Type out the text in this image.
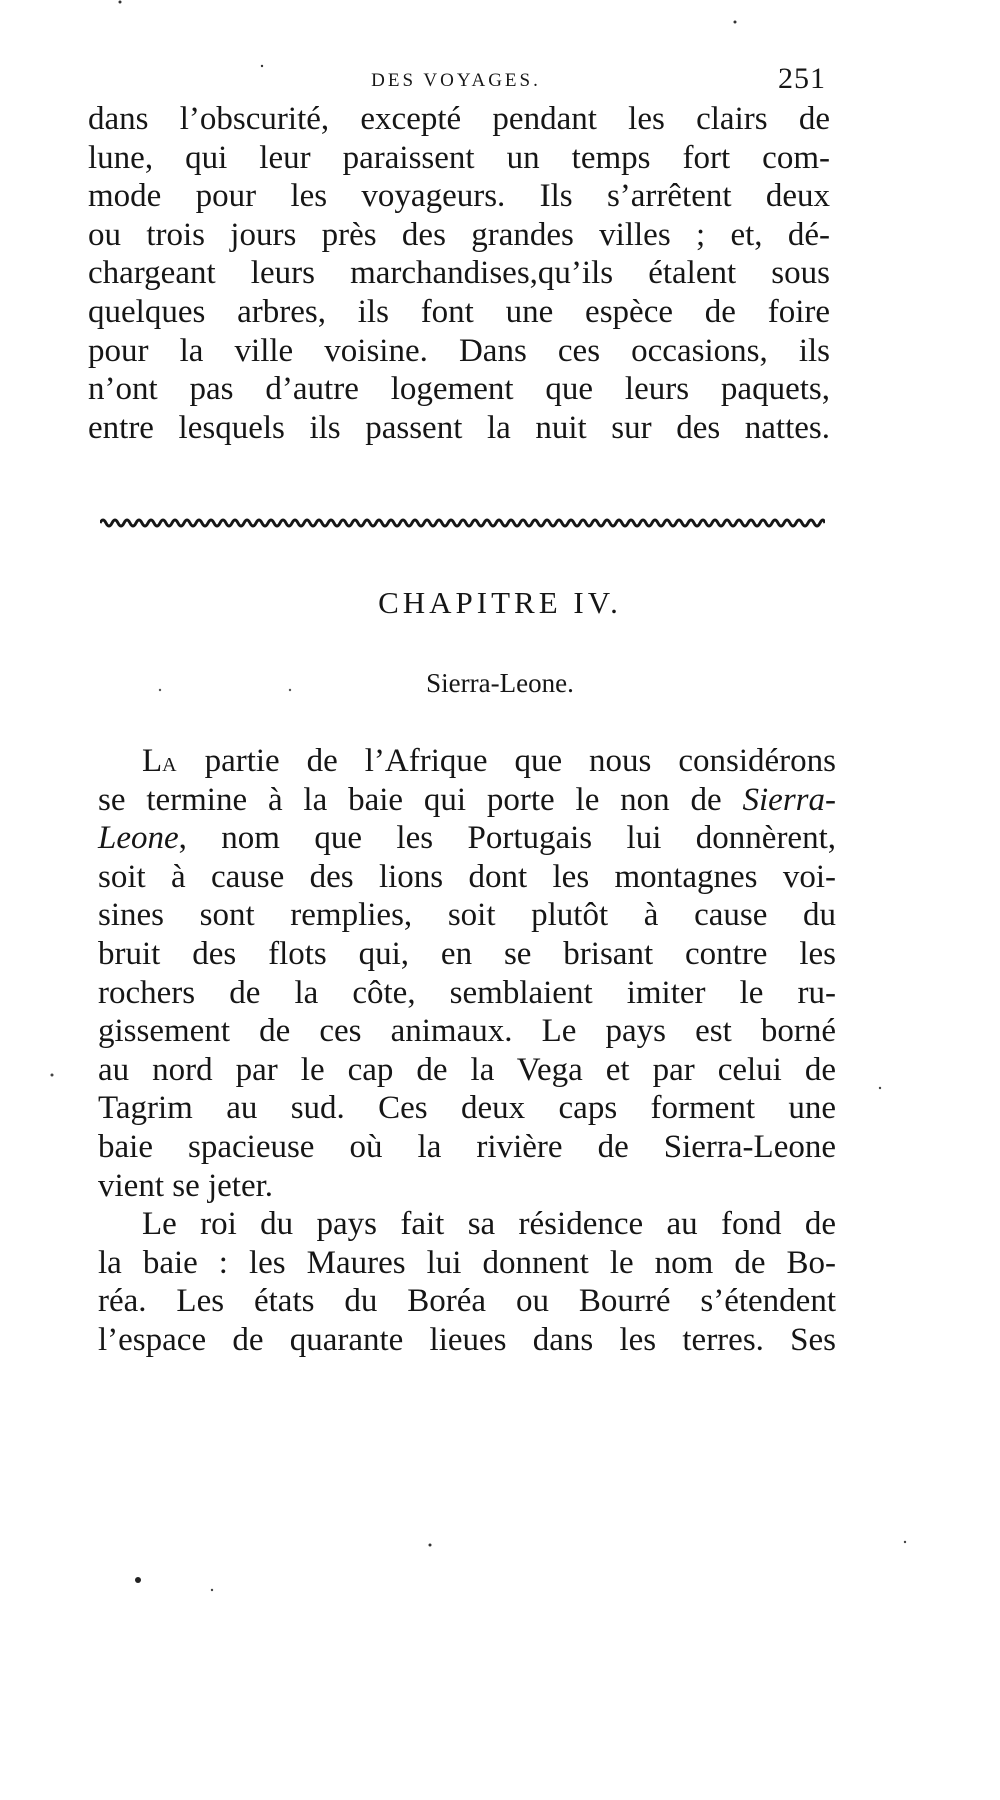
DES VOYAGES.	251
dans l’obscurité, excepté pendant les clairs de
lune, qui leur paraissent un temps fort com-
mode pour les voyageurs. Ils s’arrêtent deux
ou trois jours près des grandes villes ; et, dé-
chargeant leurs marchandises,qu’ils étalent sous
quelques arbres, ils font une espèce de foire
pour la ville voisine. Dans ces occasions, ils
n’ont pas d’autre logement que leurs paquets,
entre lesquels ils passent la nuit sur des nattes.
CHAPITRE IV.
Sierra-Leone.
LA partie de l’Afrique que nous considérons
se termine à la baie qui porte le non de Sierra-
Leone, nom que les Portugais lui donnèrent,
soit à cause des lions dont les montagnes voi-
sines sont remplies, soit plutôt à cause du
bruit des flots qui, en se brisant contre les
rochers de la côte, semblaient imiter le ru-
gissement de ces animaux. Le pays est borné
au nord par le cap de la Vega et par celui de
Tagrim au sud. Ces deux caps forment une
baie spacieuse où la rivière de Sierra-Leone
vient se jeter.
Le roi du pays fait sa résidence au fond de
la baie : les Maures lui donnent le nom de Bo-
réa. Les états du Boréa ou Bourré s’étendent
l’espace de quarante lieues dans les terres. Ses
